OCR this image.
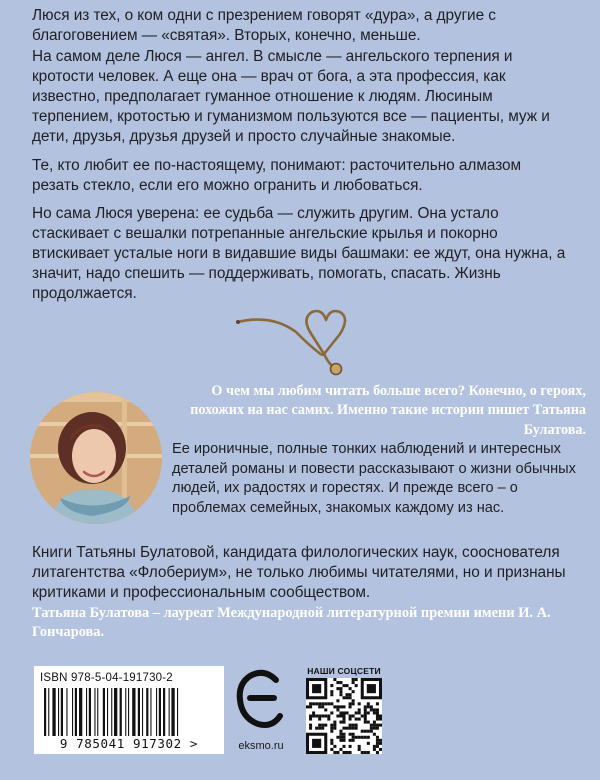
Люся из тех, о ком одни с презрением говорят «дура», а другие с благоговением — «святая». Вторых, конечно, меньше.

На самом деле Люся — ангел. В смысле — ангельского терпения и кротости человек. А еще она — врач от бога, а эта профессия, как известно, предполагает гуманное отношение к людям. Люсиным терпением, кротостью и гуманизмом пользуются все — пациенты, муж и дети, друзья, друзья друзей и просто случайные знакомые.

Те, кто любит ее по-настоящему, понимают: расточительно алмазом резать стекло, если его можно огранить и любоваться.

Но сама Люся уверена: ее судьба — служить другим. Она устало стаскивает с вешалки потрепанные ангельские крылья и покорно втискивает усталые ноги в видавшие виды башмаки: ее ждут, она нужна, а значит, надо спешить — поддерживать, помогать, спасать. Жизнь продолжается.

О чем мы любим читать больше всего? Конечно, о героях, похожих на нас самих. Именно такие истории пишет Татьяна Булатова.

Ее ироничные, полные тонких наблюдений и интересных деталей романы и повести рассказывают о жизни обычных людей, их радостях и горестях. И прежде всего – о проблемах семейных, знакомых каждому из нас.

Книги Татьяны Булатовой, кандидата филологических наук, сооснователя литагентства «Флобериум», не только любимы читателями, но и признаны критиками и профессиональным сообществом.

Татьяна Булатова – лауреат Международной литературной премии имени И. А. Гончарова.

ISBN 978-5-04-191730-2
9 785041 917302 >	eksmo.ru
НАШИ СОЦСЕТИ
